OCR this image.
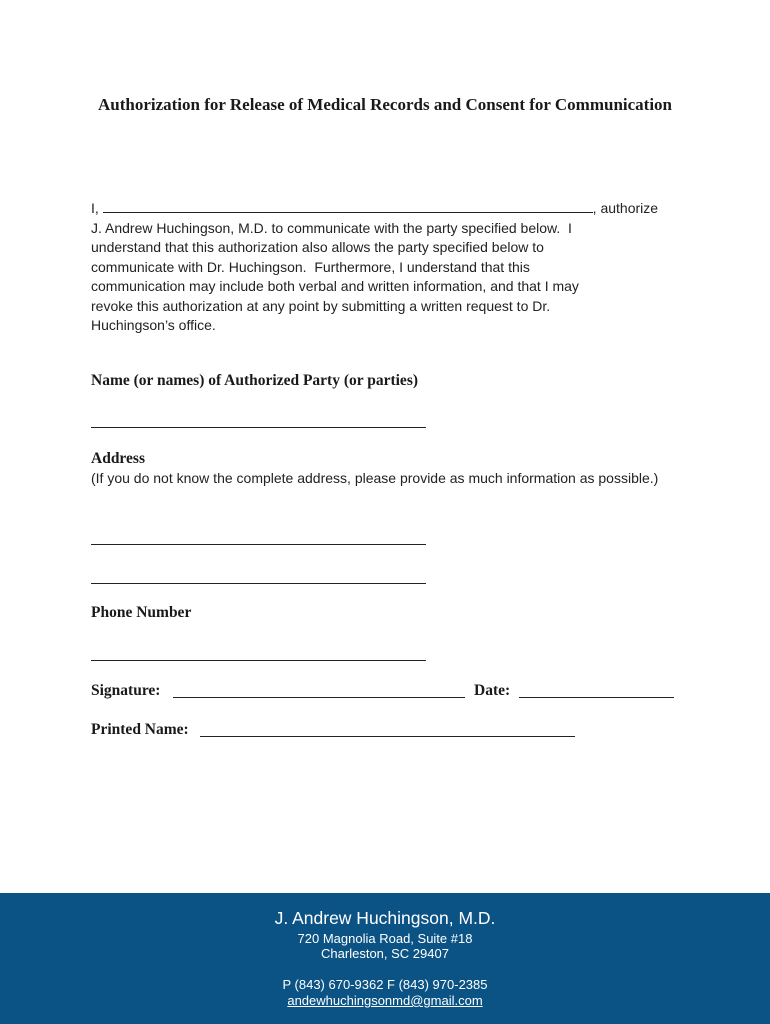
Authorization for Release of Medical Records and Consent for Communication
I,	, authorize
J. Andrew Huchingson, M.D. to communicate with the party specified below.  I
understand that this authorization also allows the party specified below to
communicate with Dr. Huchingson.  Furthermore, I understand that this
communication may include both verbal and written information, and that I may
revoke this authorization at any point by submitting a written request to Dr.
Huchingson’s office.
Name (or names) of Authorized Party (or parties)
Address
(If you do not know the complete address, please provide as much information as possible.)
Phone Number
Signature:	Date:
Printed Name:
J. Andrew Huchingson, M.D.
720 Magnolia Road, Suite #18
Charleston, SC 29407
P (843) 670-9362 F (843) 970-2385
andewhuchingsonmd@gmail.com
